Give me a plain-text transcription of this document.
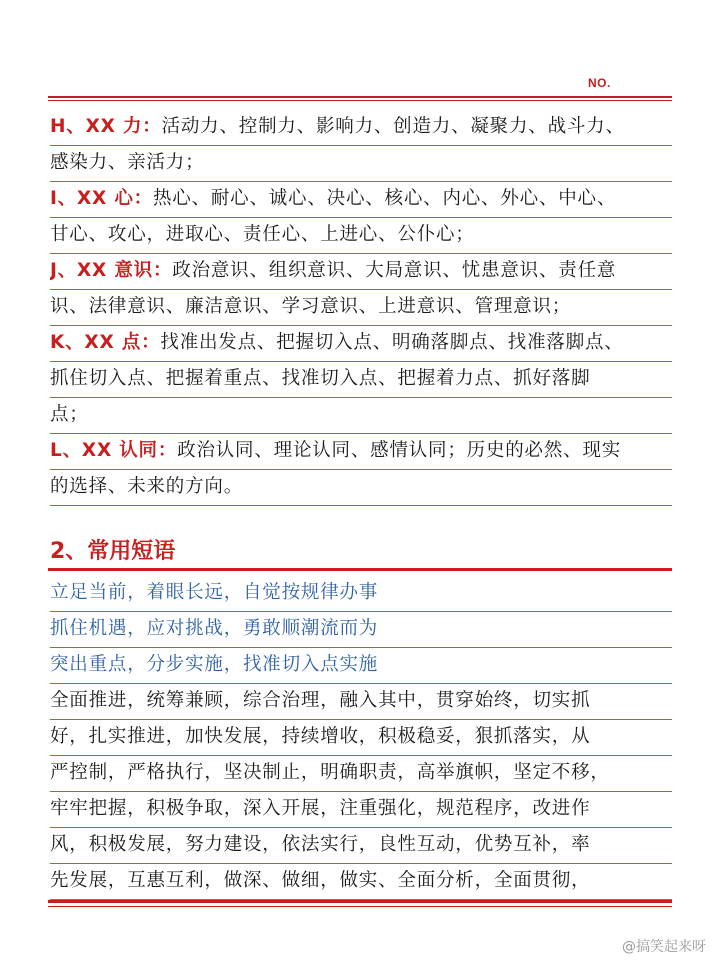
NO.
H、XX 力：活动力、控制力、影响力、创造力、凝聚力、战斗力、
感染力、亲活力；
I、XX 心：热心、耐心、诚心、决心、核心、内心、外心、中心、
甘心、攻心，进取心、责任心、上进心、公仆心；
J、XX 意识：政治意识、组织意识、大局意识、忧患意识、责任意
识、法律意识、廉洁意识、学习意识、上进意识、管理意识；
K、XX 点：找准出发点、把握切入点、明确落脚点、找准落脚点、
抓住切入点、把握着重点、找准切入点、把握着力点、抓好落脚
点；
L、XX 认同：政治认同、理论认同、感情认同；历史的必然、现实
的选择、未来的方向。
2、常用短语
立足当前，着眼长远，自觉按规律办事
抓住机遇，应对挑战，勇敢顺潮流而为
突出重点，分步实施，找准切入点实施
全面推进，统筹兼顾，综合治理，融入其中，贯穿始终，切实抓
好，扎实推进，加快发展，持续增收，积极稳妥，狠抓落实，从
严控制，严格执行，坚决制止，明确职责，高举旗帜，坚定不移，
牢牢把握，积极争取，深入开展，注重强化，规范程序，改进作
风，积极发展，努力建设，依法实行，良性互动，优势互补，率
先发展，互惠互利，做深、做细，做实、全面分析，全面贯彻，
@搞笑起来呀
